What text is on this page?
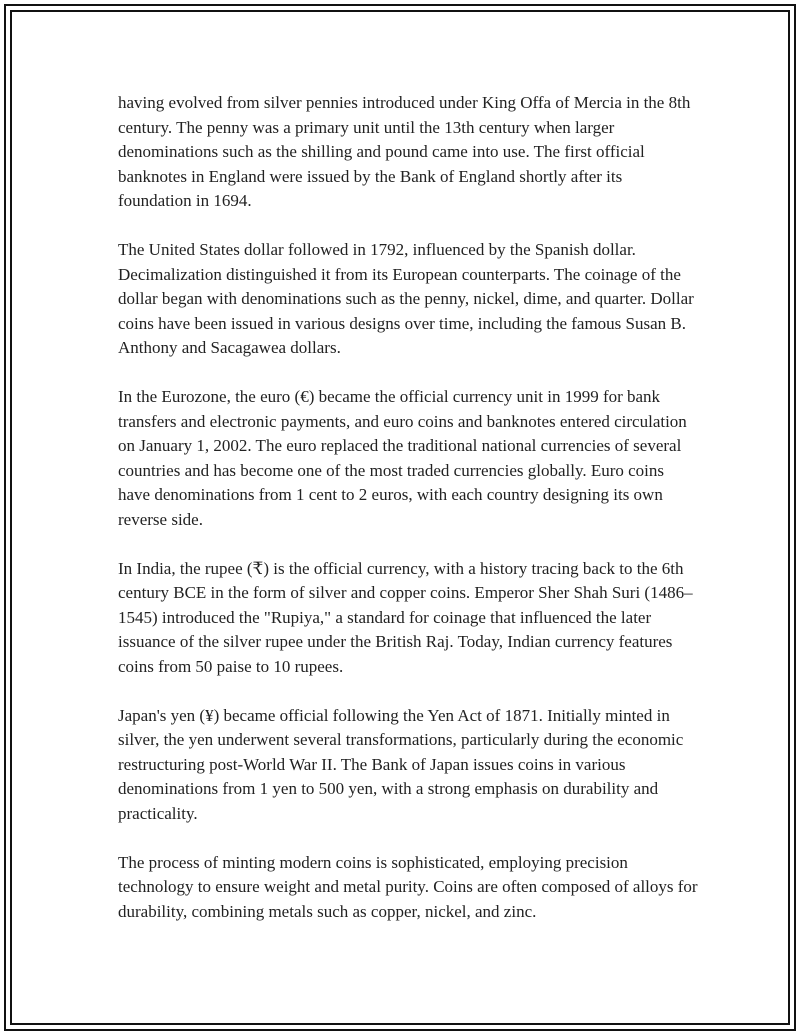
having evolved from silver pennies introduced under King Offa of Mercia in the 8th century. The penny was a primary unit until the 13th century when larger denominations such as the shilling and pound came into use. The first official banknotes in England were issued by the Bank of England shortly after its foundation in 1694.

The United States dollar followed in 1792, influenced by the Spanish dollar. Decimalization distinguished it from its European counterparts. The coinage of the dollar began with denominations such as the penny, nickel, dime, and quarter. Dollar coins have been issued in various designs over time, including the famous Susan B. Anthony and Sacagawea dollars.

In the Eurozone, the euro (€) became the official currency unit in 1999 for bank transfers and electronic payments, and euro coins and banknotes entered circulation on January 1, 2002. The euro replaced the traditional national currencies of several countries and has become one of the most traded currencies globally. Euro coins have denominations from 1 cent to 2 euros, with each country designing its own reverse side.

In India, the rupee (₹) is the official currency, with a history tracing back to the 6th century BCE in the form of silver and copper coins. Emperor Sher Shah Suri (1486–1545) introduced the "Rupiya," a standard for coinage that influenced the later issuance of the silver rupee under the British Raj. Today, Indian currency features coins from 50 paise to 10 rupees.

Japan's yen (¥) became official following the Yen Act of 1871. Initially minted in silver, the yen underwent several transformations, particularly during the economic restructuring post-World War II. The Bank of Japan issues coins in various denominations from 1 yen to 500 yen, with a strong emphasis on durability and practicality.

The process of minting modern coins is sophisticated, employing precision technology to ensure weight and metal purity. Coins are often composed of alloys for durability, combining metals such as copper, nickel, and zinc.
